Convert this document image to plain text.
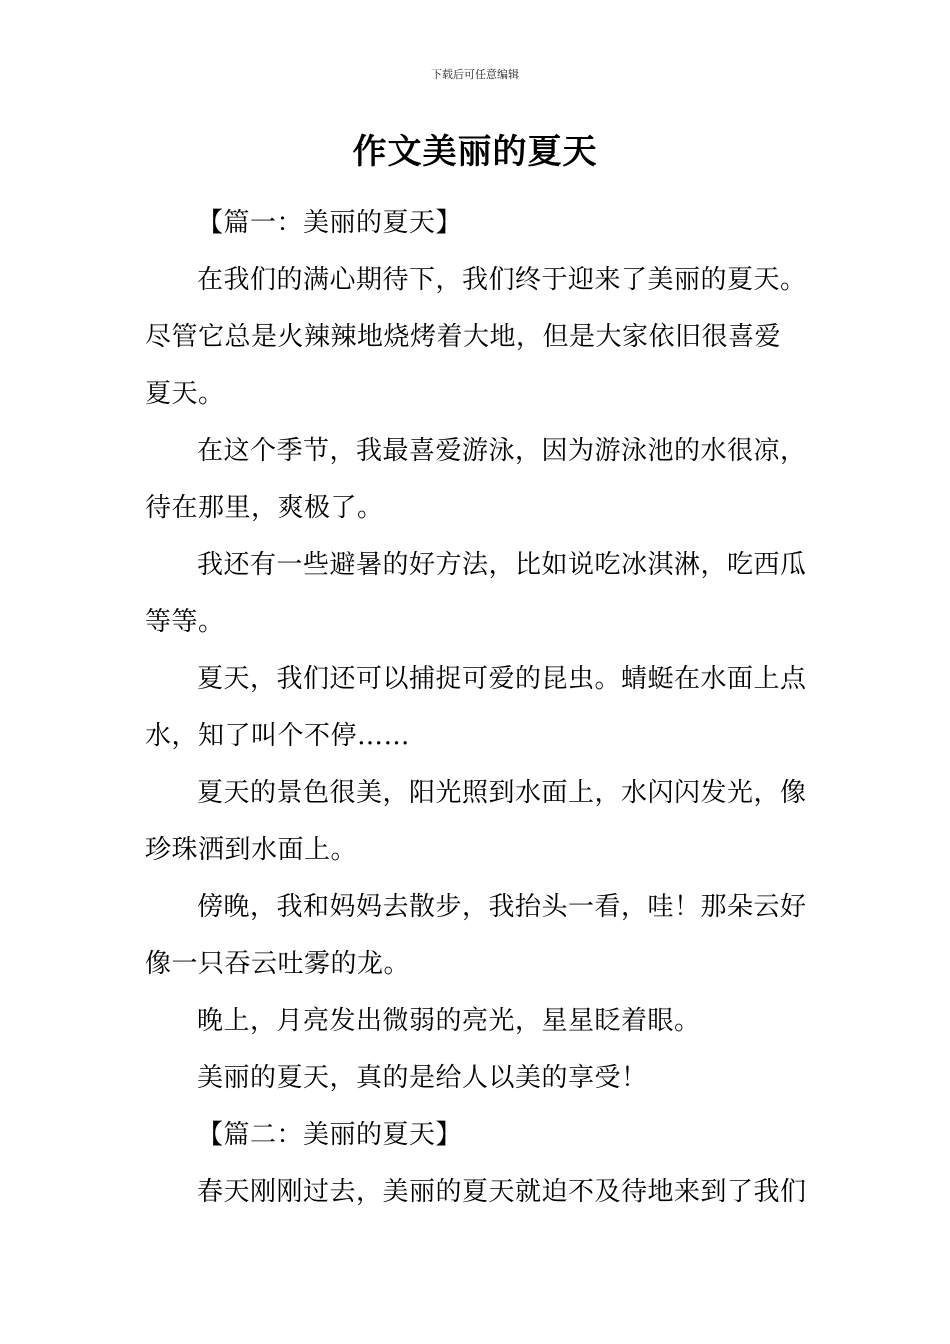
下载后可任意编辑
作文美丽的夏天
【篇一：美丽的夏天】

在我们的满心期待下，我们终于迎来了美丽的夏天。尽管它总是火辣辣地烧烤着大地，但是大家依旧很喜爱夏天。

在这个季节，我最喜爱游泳，因为游泳池的水很凉，待在那里，爽极了。

我还有一些避暑的好方法，比如说吃冰淇淋，吃西瓜等等。

夏天，我们还可以捕捉可爱的昆虫。蜻蜓在水面上点水，知了叫个不停……

夏天的景色很美，阳光照到水面上，水闪闪发光，像珍珠洒到水面上。

傍晚，我和妈妈去散步，我抬头一看，哇！那朵云好像一只吞云吐雾的龙。

晚上，月亮发出微弱的亮光，星星眨着眼。

美丽的夏天，真的是给人以美的享受！

【篇二：美丽的夏天】

春天刚刚过去，美丽的夏天就迫不及待地来到了我们
